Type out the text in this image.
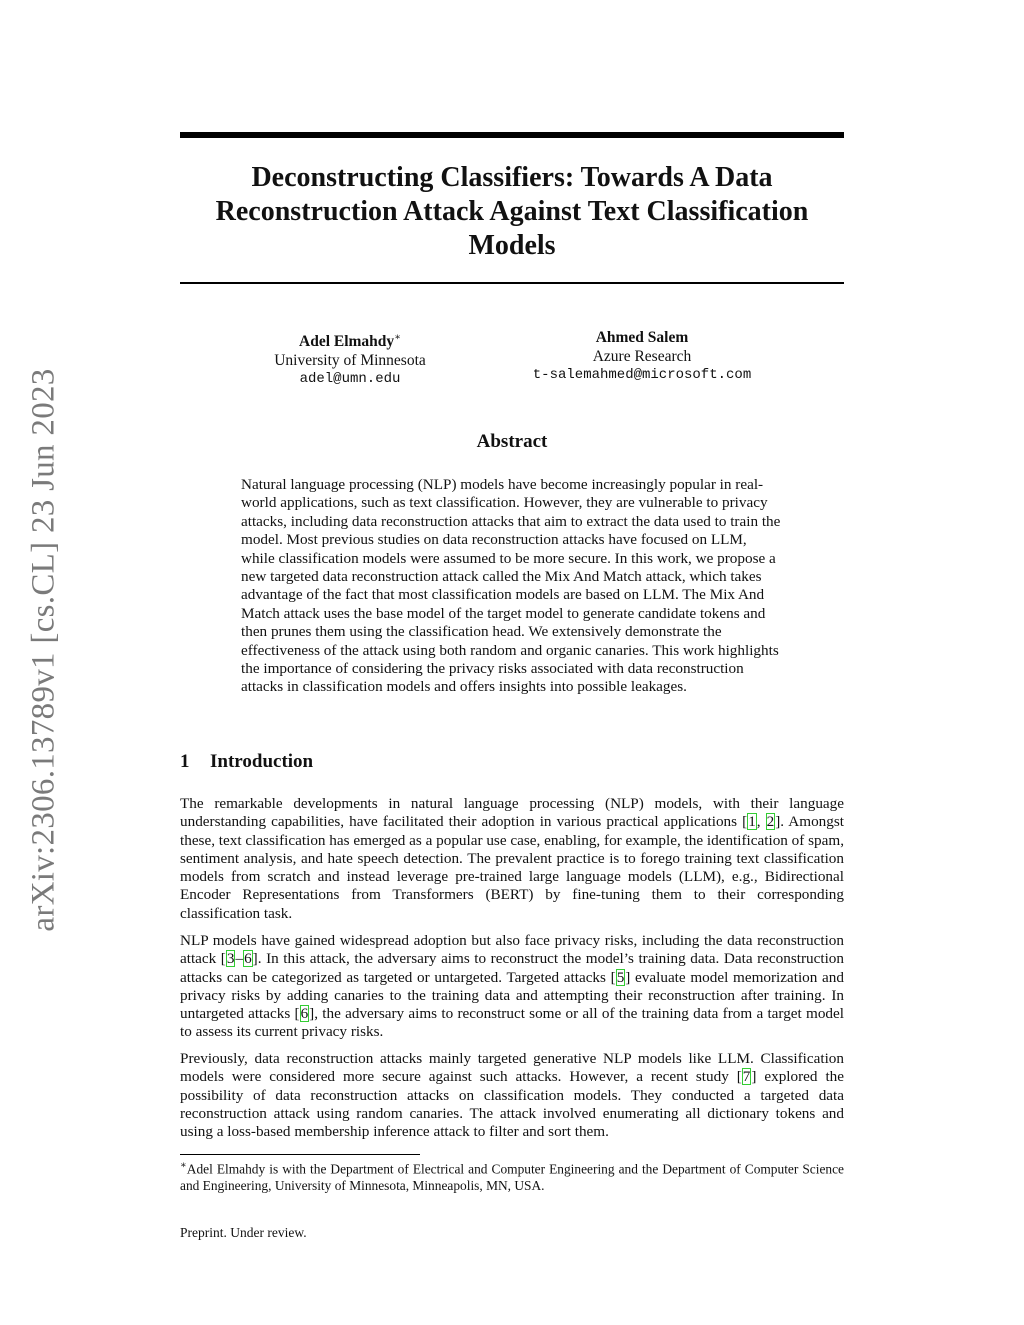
arXiv:2306.13789v1 [cs.CL] 23 Jun 2023
Deconstructing Classifiers: Towards A Data
Reconstruction Attack Against Text Classification
Models
Adel Elmahdy∗
University of Minnesota
adel@umn.edu
Ahmed Salem
Azure Research
t-salemahmed@microsoft.com
Abstract
Natural language processing (NLP) models have become increasingly popular in real-world applications, such as text classification. However, they are vulnerable to privacy attacks, including data reconstruction attacks that aim to extract the data used to train the model. Most previous studies on data reconstruction attacks have focused on LLM, while classification models were assumed to be more secure. In this work, we propose a new targeted data reconstruction attack called the Mix And Match attack, which takes advantage of the fact that most classification models are based on LLM. The Mix And Match attack uses the base model of the target model to generate candidate tokens and then prunes them using the classification head. We extensively demonstrate the effectiveness of the attack using both random and organic canaries. This work highlights the importance of considering the privacy risks associated with data reconstruction attacks in classification models and offers insights into possible leakages.
1 Introduction
The remarkable developments in natural language processing (NLP) models, with their language understanding capabilities, have facilitated their adoption in various practical applications [1, 2]. Amongst these, text classification has emerged as a popular use case, enabling, for example, the identification of spam, sentiment analysis, and hate speech detection. The prevalent practice is to forego training text classification models from scratch and instead leverage pre-trained large language models (LLM), e.g., Bidirectional Encoder Representations from Transformers (BERT) by fine-tuning them to their corresponding classification task.
NLP models have gained widespread adoption but also face privacy risks, including the data reconstruction attack [3–6]. In this attack, the adversary aims to reconstruct the model’s training data. Data reconstruction attacks can be categorized as targeted or untargeted. Targeted attacks [5] evaluate model memorization and privacy risks by adding canaries to the training data and attempting their reconstruction after training. In untargeted attacks [6], the adversary aims to reconstruct some or all of the training data from a target model to assess its current privacy risks.
Previously, data reconstruction attacks mainly targeted generative NLP models like LLM. Classification models were considered more secure against such attacks. However, a recent study [7] explored the possibility of data reconstruction attacks on classification models. They conducted a targeted data reconstruction attack using random canaries. The attack involved enumerating all dictionary tokens and using a loss-based membership inference attack to filter and sort them.
∗Adel Elmahdy is with the Department of Electrical and Computer Engineering and the Department of Computer Science and Engineering, University of Minnesota, Minneapolis, MN, USA.
Preprint. Under review.
